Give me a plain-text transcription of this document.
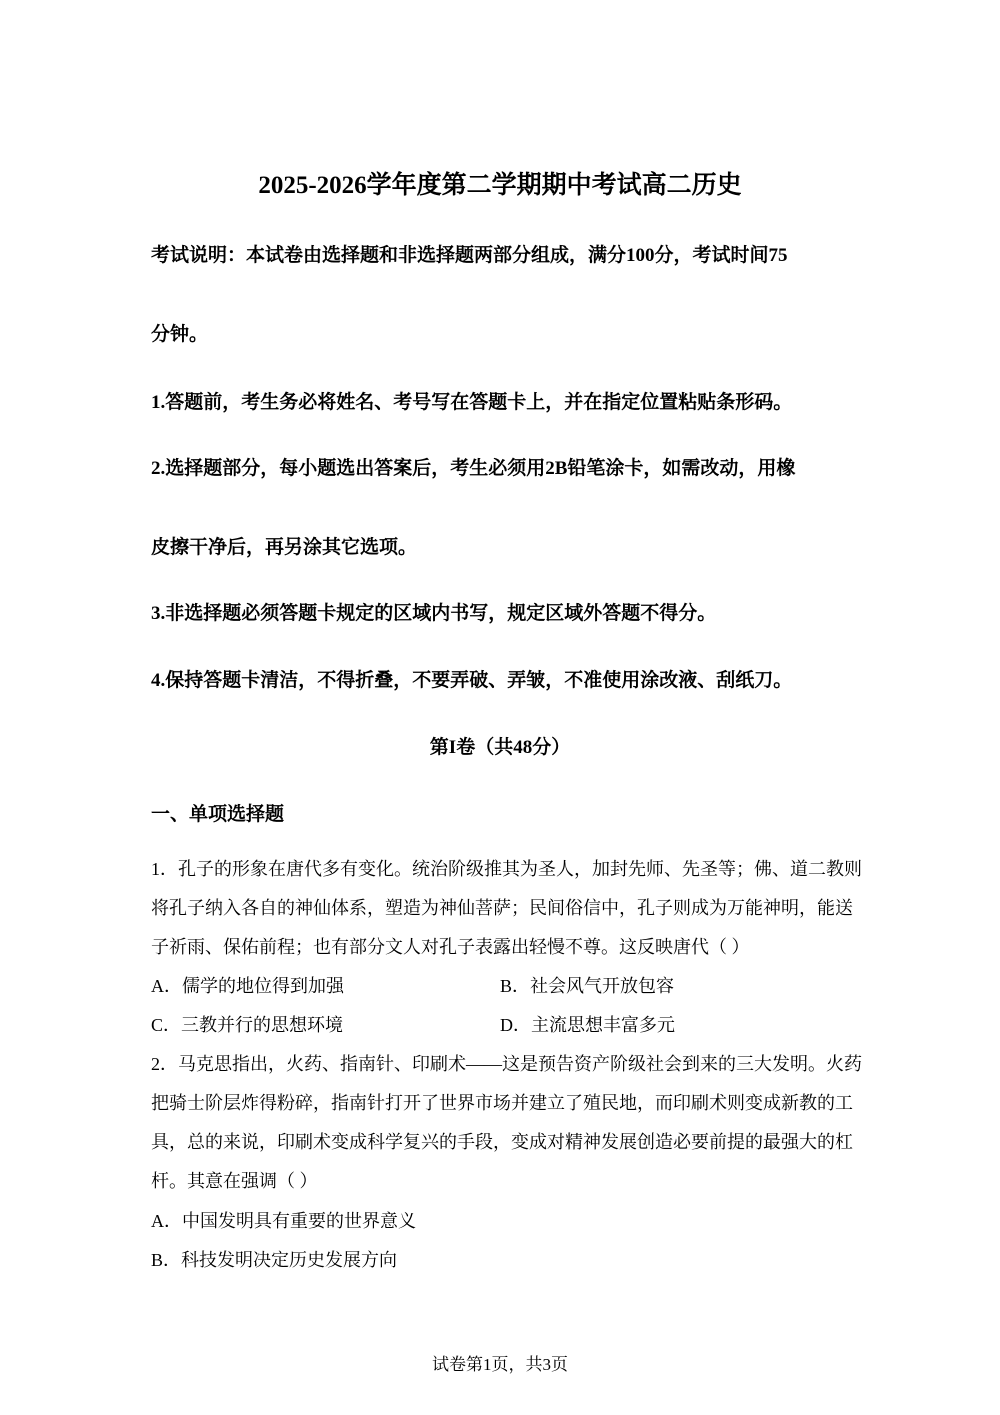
2025-2026学年度第二学期期中考试高二历史
考试说明：本试卷由选择题和非选择题两部分组成，满分100分，考试时间75
分钟。
1.答题前，考生务必将姓名、考号写在答题卡上，并在指定位置粘贴条形码。
2.选择题部分，每小题选出答案后，考生必须用2B铅笔涂卡，如需改动，用橡
皮擦干净后，再另涂其它选项。
3.非选择题必须答题卡规定的区域内书写，规定区域外答题不得分。
4.保持答题卡清洁，不得折叠，不要弄破、弄皱，不准使用涂改液、刮纸刀。
第I卷（共48分）
一、单项选择题
1．孔子的形象在唐代多有变化。统治阶级推其为圣人，加封先师、先圣等；佛、道二教则
将孔子纳入各自的神仙体系，塑造为神仙菩萨；民间俗信中，孔子则成为万能神明，能送
子祈雨、保佑前程；也有部分文人对孔子表露出轻慢不尊。这反映唐代（ ）
A．儒学的地位得到加强	B．社会风气开放包容
C．三教并行的思想环境	D．主流思想丰富多元
2．马克思指出，火药、指南针、印刷术——这是预告资产阶级社会到来的三大发明。火药
把骑士阶层炸得粉碎，指南针打开了世界市场并建立了殖民地，而印刷术则变成新教的工
具，总的来说，印刷术变成科学复兴的手段，变成对精神发展创造必要前提的最强大的杠
杆。其意在强调（ ）
A．中国发明具有重要的世界意义
B．科技发明决定历史发展方向
试卷第1页，共3页
